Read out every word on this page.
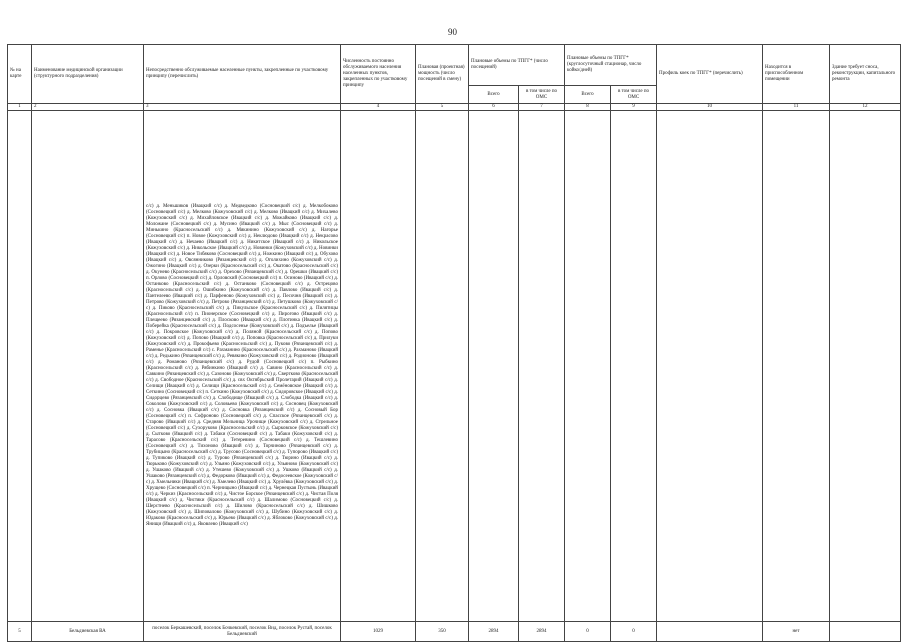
90
№ на карте	Наименование медицинской организации (структурного подразделения)	Непосредственно обслуживаемые населенные пункты, закрепленные по участковому принципу (перечислить)	Численность постоянно обслуживаемого населения населенных пунктов, закрепленных по участковому принципу	Плановая (проектная) мощность (число посещений в смену)	Плановые объемы по ТПГГ* (число посещений)		Плановые объемы по ТПГГ* (круглосуточный стационар, число койко/дней)		Профиль коек по ТПГГ* (перечислить)	Находится в приспособленном помещении	Здание требует сноса, реконструкции, капитального ремонта
					Всего	в том числе по ОМС	Всего	в том числе по ОМС			
1	2	3	4	5	6	7	8	9	10	11	12
		с/с) д. Меньшиков (Ивацкий с/с) д. Медведково (Сосновецкий с/с) д. Мелкобоково (Сосновецкий с/с) д. Мелково (Кожуховский с/с) д. Мелково (Ивацкий с/с) д. Михалево (Кожуховский с/с) д. Михайловское (Ивацкий с/с) д. Можайково (Ивацкий с/с) д. Моложане (Сосновецкий с/с) д. Мусино (Ивацкий с/с) д. Мыс (Сосновецкий с/с) д. Минькино (Красносельский с/с) д. Мякинино (Кожуховский с/с) д. Нагорье (Сосновецкий с/с) п. Новое (Кожуховский с/с) д. Неклюдово (Ивацкий с/с) д. Некрасово (Ивацкий с/с) д. Нечаево (Ивацкий с/с) д. Никитское (Ивацкий с/с) д. Никольское (Кожуховский с/с) д. Никольское (Ивацкий с/с) д. Новинки (Кожуховский с/с) д. Новинки (Ивацкий с/с) д. Новое Тибяково (Сосновецкий с/с) д. Ножкино (Ивацкий с/с) д. Обухово (Ивацкий с/с) д. Овсянниково (Рязанцевский с/с) д. Оголихино (Кожуховский с/с) д. Ожогино (Ивацкий с/с) д. Озерки (Красносельский с/с) д. Окатово (Красносельский с/с) д. Окунево (Красносельский с/с) д. Орехово (Рязанцевский с/с) д. Орешки (Ивацкий с/с) п. Орлово (Сосновецкий с/с) д. Орловский (Сосновецкий с/с) п. Осиново (Ивацкий с/с) д. Останково (Красносельский с/с) д. Останково (Сосновецкий с/с) д. Острецово (Красносельский с/с) д. Ошибкино (Кожуховский с/с) д. Павлово (Ивацкий с/с) д. Пантелеево (Ивацкий с/с) д. Парфеново (Кожуховский с/с) д. Песочня (Ивацкий с/с) д. Петрово (Кожуховский с/с) д. Петрово (Рязанцевский с/с) д. Петушково (Кожуховский с/с) д. Пиково (Красносельский с/с) д. Пикульское (Красносельский с/с) д. Пилятицы (Красносельский с/с) п. Пионерское (Сосновецкий с/с) д. Пирогово (Ивацкий с/с) д. Плещеево (Рязанцевский с/с) д. Плосково (Ивацкий с/с) д. Плотинка (Ивацкий с/с) д. Поберейка (Красносельский с/с) д. Подсосенье (Кожуховский с/с) д. Подъелье (Ивацкий с/с) д. Покровское (Кожуховский с/с) д. Поляной (Красносельский с/с) д. Попово (Кожуховский с/с) д. Попово (Ивацкий с/с) д. Поповка (Красносельский с/с) д. Прилуки (Кожуховский с/с) д. Прокофьево (Красносельский с/с) д. Пуково (Рязанцевский с/с) д. Раменье (Красносельский с/с) с. Рахманино (Красносельский с/с) д. Рахманово (Ивацкий с/с) д. Редькино (Рязанцевский с/с) д. Ревякино (Кожуховский с/с) д. Родионово (Ивацкий с/с) д. Романово (Рязанцевский с/с) д. Рудой (Сосновецкий с/с) п. Рыбкино (Красносельский с/с) д. Рябинкино (Ивацкий с/с) д. Савино (Красносельский с/с) д. Савкино (Рязанцевский с/с) д. Сазоново (Кожуховский с/с) д. Свертково (Красносельский с/с) д. Свободное (Красносельский с/с) д. свх Октябрьский Пролетарий (Ивацкий с/с) д. Селищи (Ивацкий с/с) д. Селищи (Красносельский с/с) д. Семёновское (Ивацкий с/с) д. Сеткино (Сосновецкий с/с) п. Сеткино (Кожуховский с/с) д. Сидоровское (Ивацкий с/с) д. Сидорцево (Рязанцевский с/с) д. Слободище (Ивацкий с/с) д. Слободка (Ивацкий с/с) д. Соколово (Кожуховский с/с) д. Соловьево (Кожуховский с/с) д. Сосновец (Кожуховский с/с) д. Сосновка (Ивацкий с/с) д. Сосновка (Рязанцевский с/с) д. Сосновый Бор (Сосновецкий с/с) п. Софроново (Сосновецкий с/с) д. Спасское (Рязанцевский с/с) д. Старово (Ивацкий с/с) д. Средняя Мельница Урочище (Кожуховский с/с) д. Стрельное (Сосновецкий с/с) д. Сухоруково (Красносельский с/с) д. Сырковское (Кожуховский с/с) д. Сытково (Ивацкий с/с) д. Табаки (Сосновецкий с/с) д. Табаки (Кожуховский с/с) д. Тарасово (Красносельский с/с) д. Тетеревино (Сосновецкий с/с) д. Тешлевино (Сосновецкий с/с) д. Тихоново (Ивацкий с/с) д. Торчиново (Рязанцевский с/с) д. Трубицыно (Красносельский с/с) д. Трусово (Сосновецкий с/с) д. Тупорово (Ивацкий с/с) д. Тупиково (Ивацкий с/с) д. Турово (Рязанцевский с/с) д. Тюрино (Ивацкий с/с) д. Тюрьково (Кожуховский с/с) д. Ульяно (Кожуховский с/с) д. Ульяново (Кожуховский с/с) д. Ушаково (Ивацкий с/с) д. Утешево (Кожуховский с/с) д. Ушково (Ивацкий с/с) д. Ушаково (Рязанцевский с/с) д. Федорково (Ивацкий с/с) д. Федосеевское (Кожуховский с/с) д. Хмельники (Ивацкий с/с) д. Хмелево (Ивацкий с/с) д. Хрулёвка (Кожуховский с/с) д. Хрущево (Сосновецкий с/с) п. Черницыно (Ивацкий с/с) д. Чернецкая Пустынь (Ивацкий с/с) д. Черкиз (Красносельский с/с) д. Чистое Борское (Рязанцевский с/с) д. Чистая Поля (Ивацкий с/с) д. Чистяки (Красносельский с/с) д. Шалимово (Сосновецкий с/с) д. Шерстнево (Красносельский с/с) д. Шилово (Красносельский с/с) д. Шишково (Кожуховский с/с) д. Шиповалово (Кожуховский с/с) д. Шубино (Кожуховский с/с) д. Юдаково (Красносельский с/с) д. Юрьево (Ивацкий с/с) д. Яблоково (Кожуховский с/с) д. Янищи (Ивацкий с/с) д. Яковлево (Ивацкий с/с)									
5	Бельдиевская ВА	поселок Беркашевский, поселок Бочкевский, поселок Вид, поселок Рустай, поселок Бельдиевский	1029	350	2894	2894	0	0		нет	
